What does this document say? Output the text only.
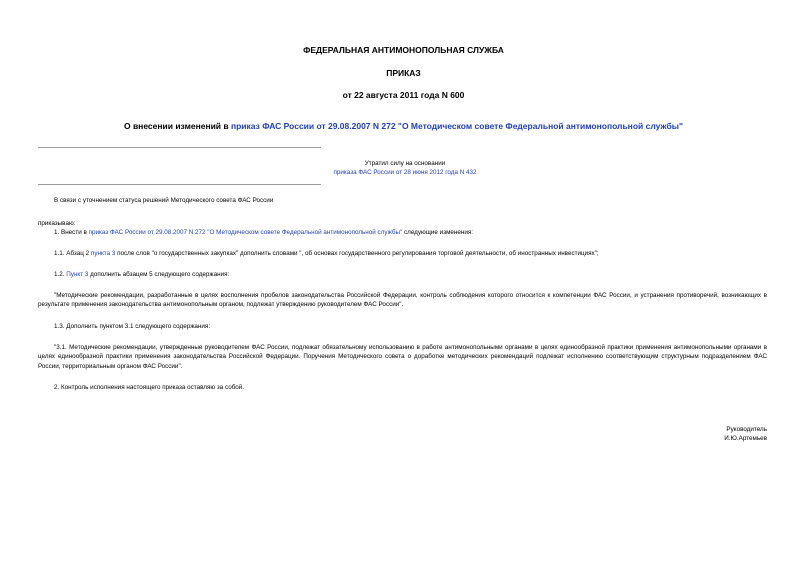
ФЕДЕРАЛЬНАЯ АНТИМОНОПОЛЬНАЯ СЛУЖБА
ПРИКАЗ
от 22 августа 2011 года N 600
О внесении изменений в приказ ФАС России от 29.08.2007 N 272 "О Методическом совете Федеральной антимонопольной службы"
Утратил силу на основании
приказа ФАС России от 28 июня 2012 года N 432
В связи с уточнением статуса решений Методического совета ФАС России
приказываю:
1. Внести в приказ ФАС России от 29.08.2007 N 272 "О Методическом совете Федеральной антимонопольной службы" следующие изменения:
1.1. Абзац 2 пункта 3 после слов "о государственных закупках" дополнить словами ", об основах государственного регулирования торговой деятельности, об иностранных инвестициях";
1.2. Пункт 3 дополнить абзацем 5 следующего содержания:
"Методические рекомендации, разработанные в целях восполнения пробелов законодательства Российской Федерации, контроль соблюдения которого относится к компетенции ФАС России, и устранения противоречий, возникающих в результате применения законодательства антимонопольным органом, подлежат утверждению руководителем ФАС России".
1.3. Дополнить пунктом 3.1 следующего содержания:
"3.1. Методические рекомендации, утвержденные руководителем ФАС России, подлежат обязательному использованию в работе антимонопольными органами в целях единообразной практики применения антимонопольными органами в целях единообразной практики применения законодательства Российской Федерации. Поручения Методического совета о доработке методических рекомендаций подлежат исполнению соответствующим структурным подразделением ФАС России, территориальным органом ФАС России".
2. Контроль исполнения настоящего приказа оставляю за собой.
Руководитель
И.Ю.Артемьев
